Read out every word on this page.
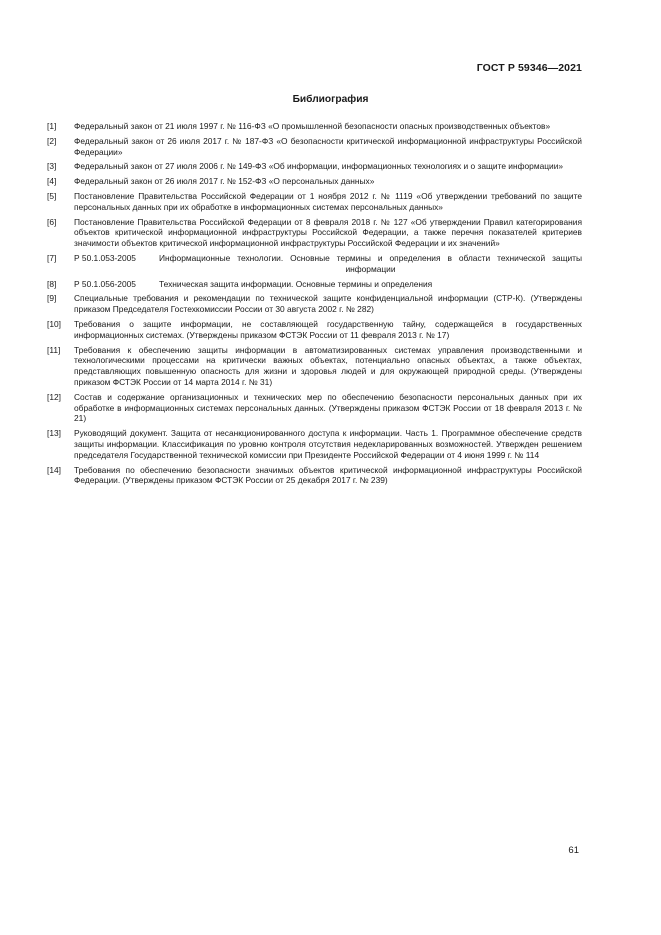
ГОСТ Р 59346—2021
Библиография
[1]	Федеральный закон от 21 июля 1997 г. № 116-ФЗ «О промышленной безопасности опасных производственных объектов»
[2]	Федеральный закон от 26 июля 2017 г. № 187-ФЗ «О безопасности критической информационной инфраструктуры Российской Федерации»
[3]	Федеральный закон от 27 июля 2006 г. № 149-ФЗ «Об информации, информационных технологиях и о защите информации»
[4]	Федеральный закон от 26 июля 2017 г. № 152-ФЗ «О персональных данных»
[5]	Постановление Правительства Российской Федерации от 1 ноября 2012 г. № 1119 «Об утверждении требований по защите персональных данных при их обработке в информационных системах персональных данных»
[6]	Постановление Правительства Российской Федерации от 8 февраля 2018 г. № 127 «Об утверждении Правил категорирования объектов критической информационной инфраструктуры Российской Федерации, а также перечня показателей критериев значимости объектов критической информационной инфраструктуры Российской Федерации и их значений»
[7]	Р 50.1.053-2005	Информационные технологии. Основные термины и определения в области технической защиты информации
[8]	Р 50.1.056-2005	Техническая защита информации. Основные термины и определения
[9]	Специальные требования и рекомендации по технической защите конфиденциальной информации (СТР-К). (Утверждены приказом Председателя Гостехкомиссии России от 30 августа 2002 г. № 282)
[10]	Требования о защите информации, не составляющей государственную тайну, содержащейся в государственных информационных системах. (Утверждены приказом ФСТЭК России от 11 февраля 2013 г. № 17)
[11]	Требования к обеспечению защиты информации в автоматизированных системах управления производственными и технологическими процессами на критически важных объектах, потенциально опасных объектах, а также объектах, представляющих повышенную опасность для жизни и здоровья людей и для окружающей природной среды. (Утверждены приказом ФСТЭК России от 14 марта 2014 г. № 31)
[12]	Состав и содержание организационных и технических мер по обеспечению безопасности персональных данных при их обработке в информационных системах персональных данных. (Утверждены приказом ФСТЭК России от 18 февраля 2013 г. № 21)
[13]	Руководящий документ. Защита от несанкционированного доступа к информации. Часть 1. Программное обеспечение средств защиты информации. Классификация по уровню контроля отсутствия недекларированных возможностей. Утвержден решением председателя Государственной технической комиссии при Президенте Российской Федерации от 4 июня 1999 г. № 114
[14]	Требования по обеспечению безопасности значимых объектов критической информационной инфраструктуры Российской Федерации. (Утверждены приказом ФСТЭК России от 25 декабря 2017 г. № 239)
61
